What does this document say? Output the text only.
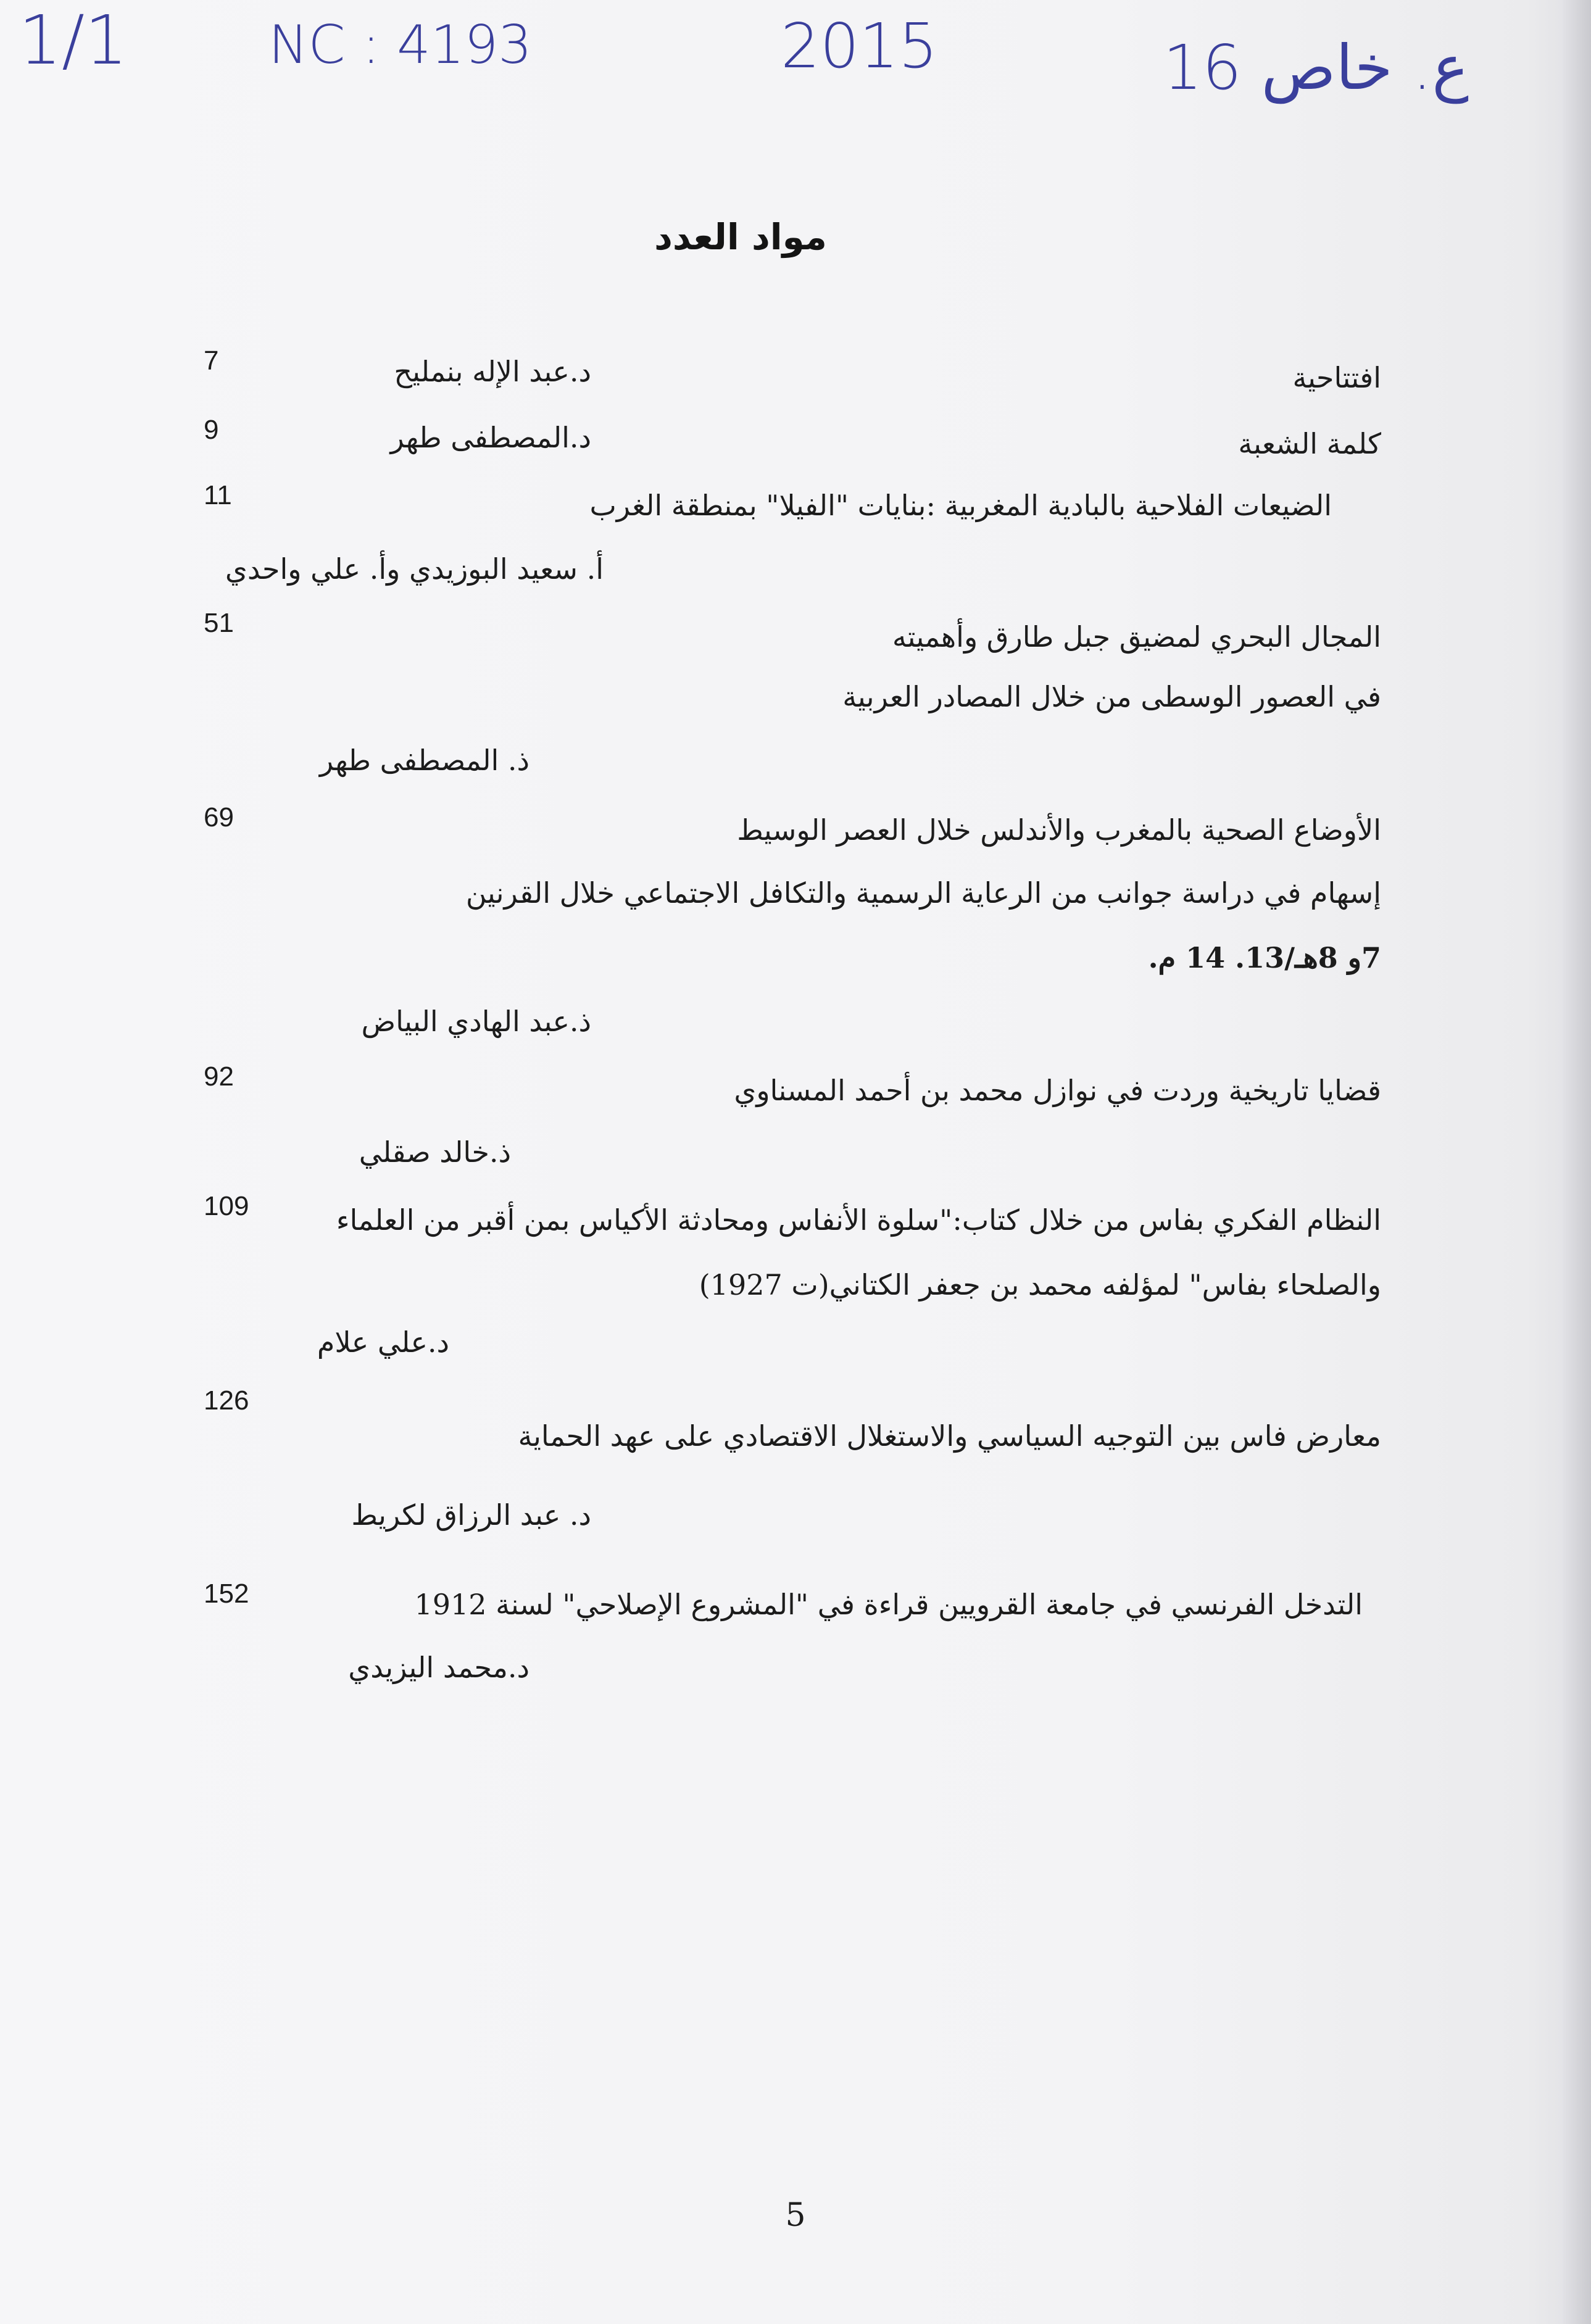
1/1	NC : 4193	2015	ع. خاص 16
مواد العدد
7	د.عبد الإله بنمليح	افتتاحية
9	د.المصطفى طهر	كلمة الشعبة
11	الضيعات الفلاحية بالبادية المغربية :بنايات "الفيلا" بمنطقة الغرب
أ. سعيد البوزيدي وأ. علي واحدي
51	المجال البحري لمضيق جبل طارق وأهميته
في العصور الوسطى من خلال المصادر العربية
ذ. المصطفى طهر
69	الأوضاع الصحية بالمغرب والأندلس خلال العصر الوسيط
إسهام في دراسة جوانب من الرعاية الرسمية والتكافل الاجتماعي خلال القرنين
7و 8هـ/13. 14 م.
ذ.عبد الهادي البياض
92	قضايا تاريخية وردت في نوازل محمد بن أحمد المسناوي
ذ.خالد صقلي
109	النظام الفكري بفاس من خلال كتاب:"سلوة الأنفاس ومحادثة الأكياس بمن أقبر من العلماء
والصلحاء بفاس" لمؤلفه محمد بن جعفر الكتاني(ت 1927)
د.علي علام
126
معارض فاس بين التوجيه السياسي والاستغلال الاقتصادي على عهد الحماية
د. عبد الرزاق لكريط
152	التدخل الفرنسي في جامعة القرويين قراءة في "المشروع الإصلاحي" لسنة 1912
د.محمد اليزيدي
5
